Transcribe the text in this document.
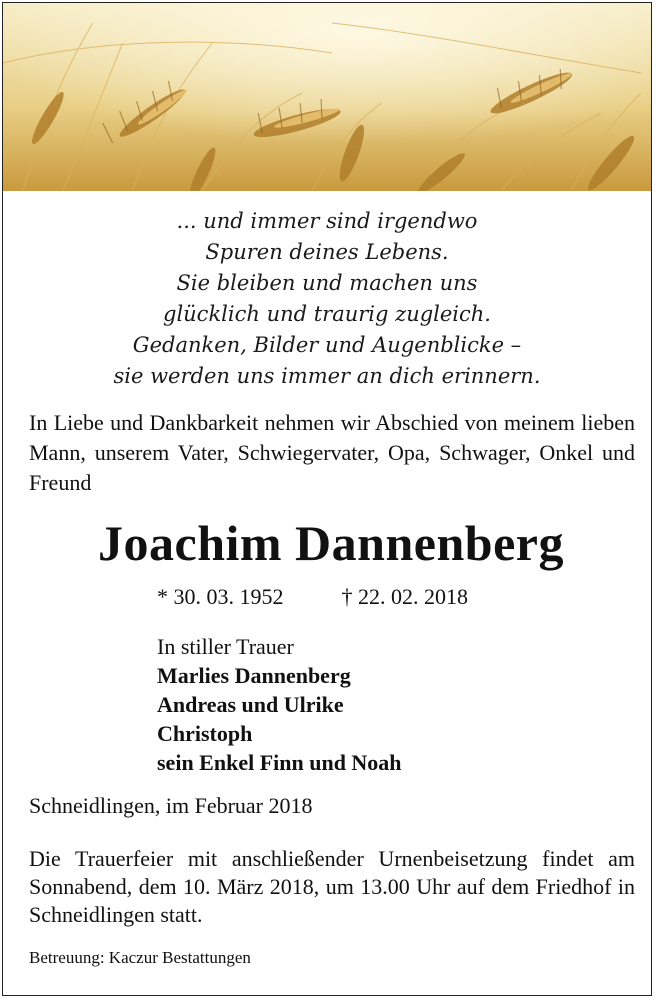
... und immer sind irgendwo
Spuren deines Lebens.
Sie bleiben und machen uns
glücklich und traurig zugleich.
Gedanken, Bilder und Augenblicke –
sie werden uns immer an dich erinnern.
In Liebe und Dankbarkeit nehmen wir Abschied von meinem lieben Mann, unserem Vater, Schwiegervater, Opa, Schwager, Onkel und Freund
Joachim Dannenberg
* 30. 03. 1952	† 22. 02. 2018
In stiller Trauer
Marlies Dannenberg
Andreas und Ulrike
Christoph
sein Enkel Finn und Noah
Schneidlingen, im Februar 2018
Die Trauerfeier mit anschließender Urnenbeisetzung findet am Sonnabend, dem 10. März 2018, um 13.00 Uhr auf dem Friedhof in Schneidlingen statt.
Betreuung: Kaczur Bestattungen
